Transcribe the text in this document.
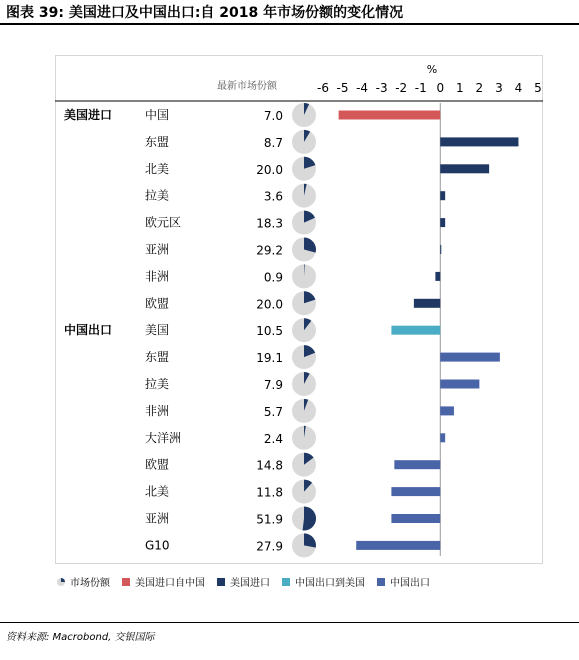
图表 39: 美国进口及中国出口:自 2018 年市场份额的变化情况
%
最新市场份额	-6 -5 -4 -3 -2 -1 0 1 2 3 4 5
美国进口	中国	7.0
东盟	8.7
北美	20.0
拉美	3.6
欧元区	18.3
亚洲	29.2
非洲	0.9
欧盟	20.0
中国出口	美国	10.5
东盟	19.1
拉美	7.9
非洲	5.7
大洋洲	2.4
欧盟	14.8
北美	11.8
亚洲	51.9
G10	27.9
市场份额	美国进口自中国	美国进口	中国出口到美国	中国出口
资料来源: Macrobond, 交银国际
